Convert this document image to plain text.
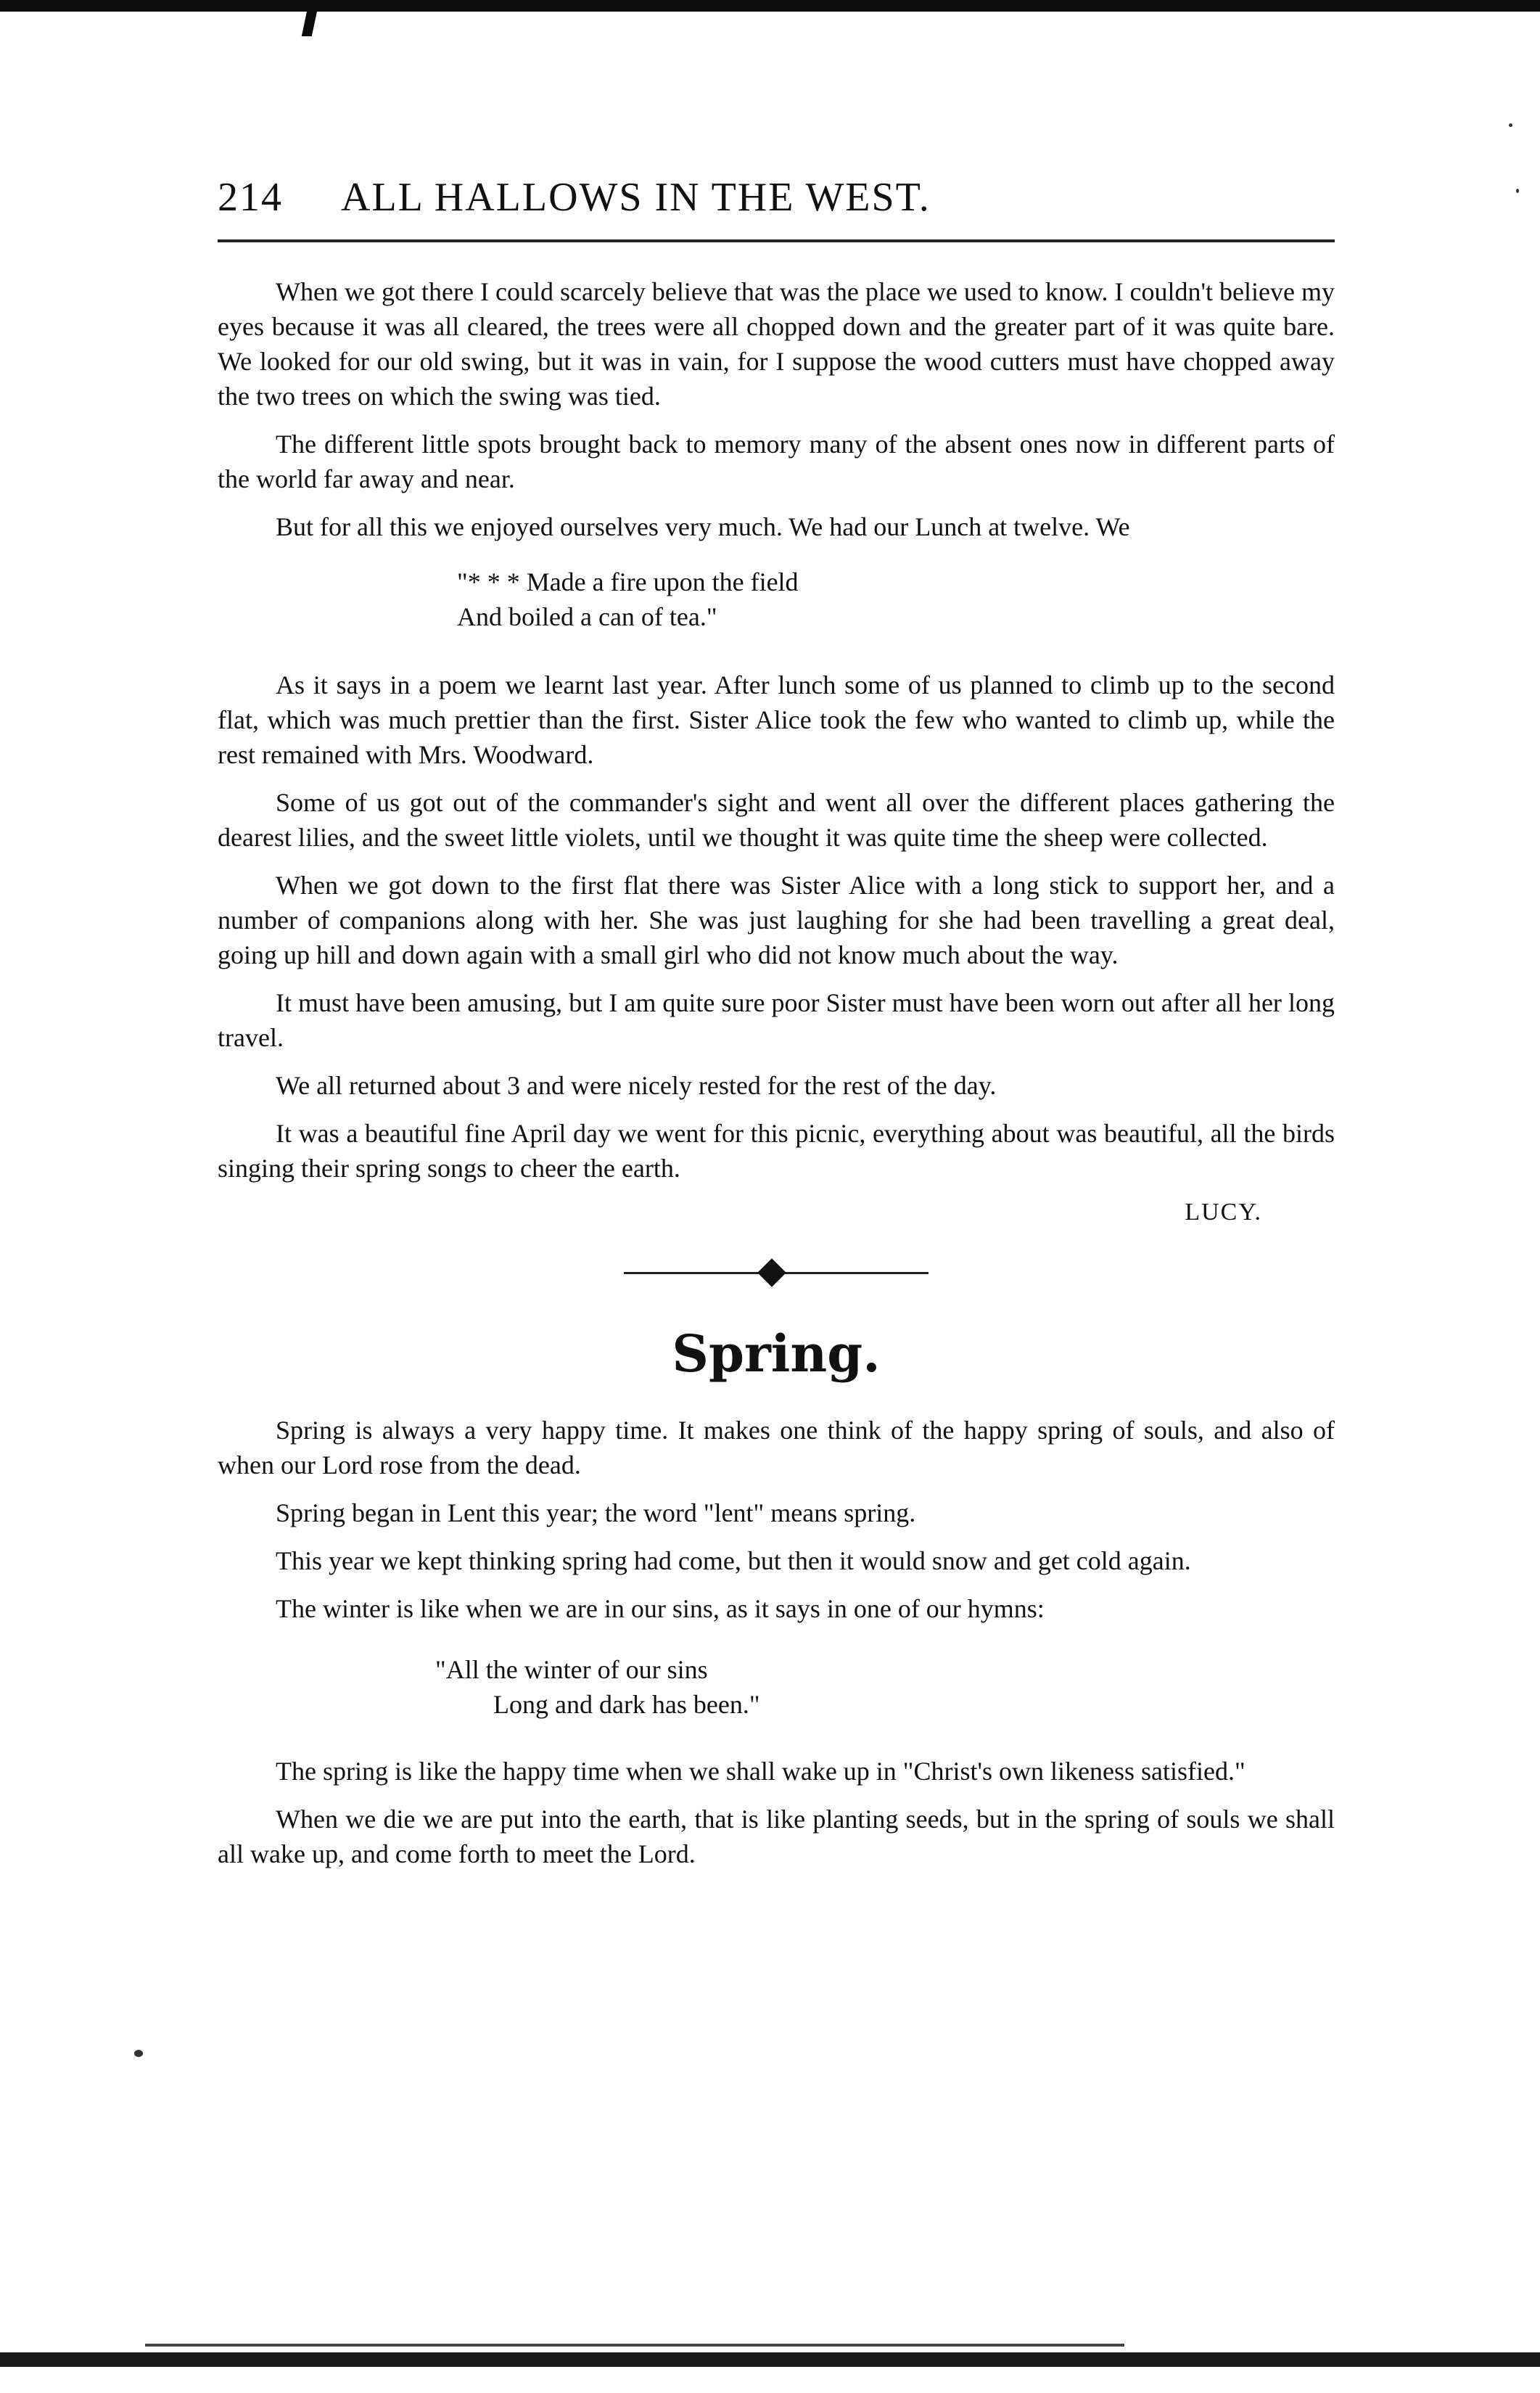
214	ALL HALLOWS IN THE WEST.

When we got there I could scarcely believe that was the place we used to know. I couldn't believe my eyes because it was all cleared, the trees were all chopped down and the greater part of it was quite bare. We looked for our old swing, but it was in vain, for I suppose the wood cutters must have chopped away the two trees on which the swing was tied.

The different little spots brought back to memory many of the absent ones now in different parts of the world far away and near.

But for all this we enjoyed ourselves very much. We had our Lunch at twelve. We

"* * * Made a fire upon the field
And boiled a can of tea."

As it says in a poem we learnt last year. After lunch some of us planned to climb up to the second flat, which was much prettier than the first. Sister Alice took the few who wanted to climb up, while the rest remained with Mrs. Woodward.

Some of us got out of the commander's sight and went all over the different places gathering the dearest lilies, and the sweet little violets, until we thought it was quite time the sheep were collected.

When we got down to the first flat there was Sister Alice with a long stick to support her, and a number of companions along with her. She was just laughing for she had been travelling a great deal, going up hill and down again with a small girl who did not know much about the way.

It must have been amusing, but I am quite sure poor Sister must have been worn out after all her long travel.

We all returned about 3 and were nicely rested for the rest of the day.

It was a beautiful fine April day we went for this picnic, everything about was beautiful, all the birds singing their spring songs to cheer the earth.

LUCY.
Spring.

Spring is always a very happy time. It makes one think of the happy spring of souls, and also of when our Lord rose from the dead.

Spring began in Lent this year; the word "lent" means spring.

This year we kept thinking spring had come, but then it would snow and get cold again.

The winter is like when we are in our sins, as it says in one of our hymns:

"All the winter of our sins
Long and dark has been."

The spring is like the happy time when we shall wake up in "Christ's own likeness satisfied."

When we die we are put into the earth, that is like planting seeds, but in the spring of souls we shall all wake up, and come forth to meet the Lord.
